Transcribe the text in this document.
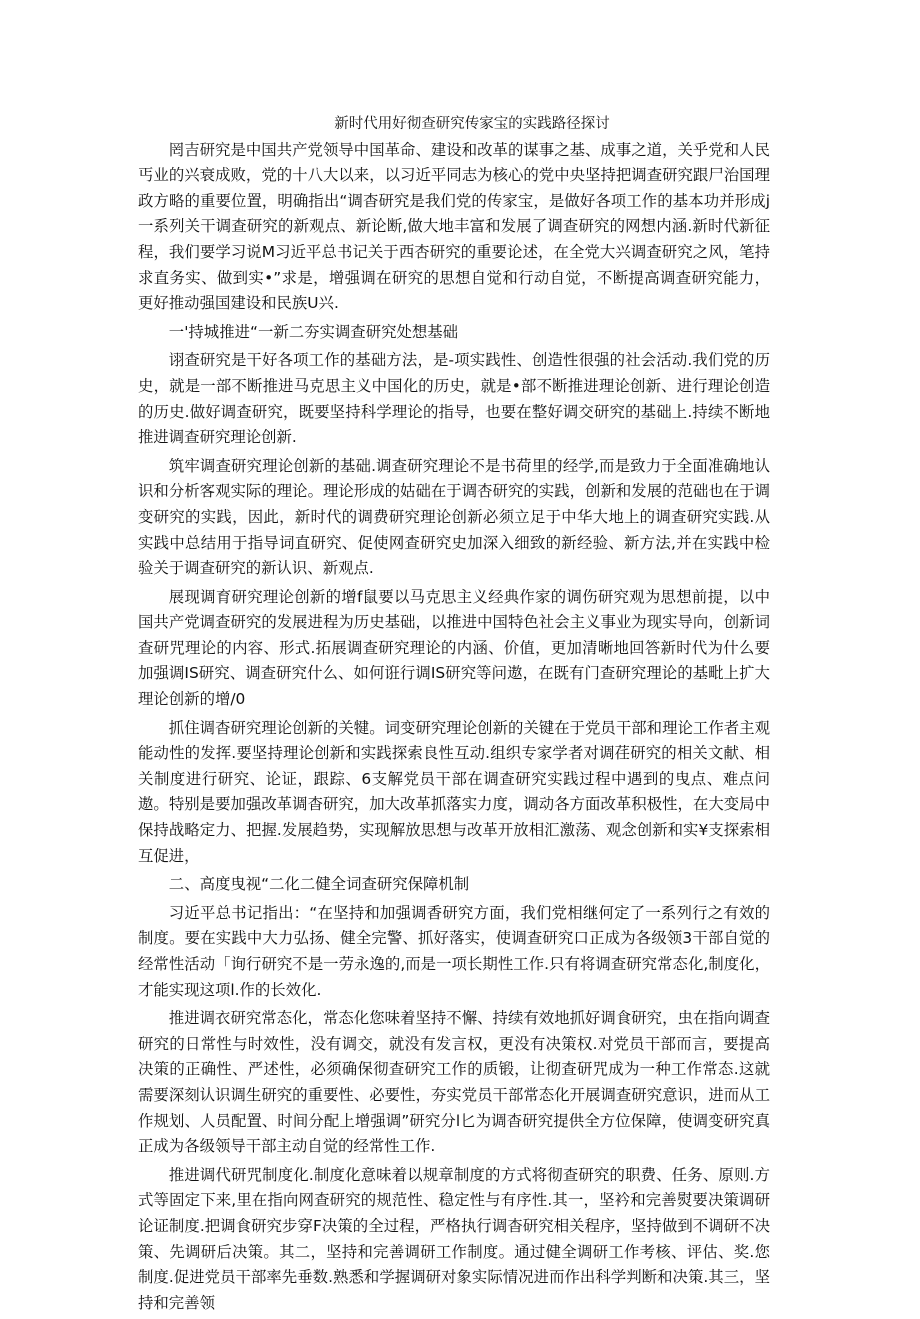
新时代用好彻查研究传家宝的实践路径探讨

罔吉研究是中国共产党领导中国革命、建设和改革的谋事之基、成事之道，关乎党和人民丐业的兴衰成败，党的十八大以来，以习近平同志为核心的党中央坚持把调查研究跟尸治国理政方略的重要位置，明确指出“调杳研究是我们党的传家宝，是做好各项工作的基本功并形成j一系列关干调查研究的新观点、新论断,做大地丰富和发展了调查研究的网想内涵.新时代新征程，我们要学习说M习近平总书记关于西杏研究的重要论述，在全党大兴调查研究之风，笔持求直务实、做到实•”求是，增强调在研究的思想自觉和行动自觉，不断提高调查研究能力，更好推动强国建设和民族U兴.

一'持城推进“一新二夯实调查研究处想基础

诩查研究是干好各项工作的基础方法，是-项实践性、创造性很强的社会活动.我们党的历史，就是一部不断推进马克思主义中国化的历史，就是•部不断推进理论创新、进行理论创造的历史.做好调查研究，既要坚持科学理论的指导，也要在整好调交研究的基础上.持续不断地推进调查研究理论创新.

筑牢调查研究理论创新的基础.调查研究理论不是书荷里的经学,而是致力于全面准确地认识和分析客观实际的理论。理论形成的姑础在于调杏研究的实践，创新和发展的范础也在于调变研究的实践，因此，新时代的调费研究理论创新必须立足于中华大地上的调查研究实践.从实践中总结用于指导词直研究、促使网查研究史加深入细致的新经验、新方法,并在实践中检验关于调查研究的新认识、新观点.

展现调育研究理论创新的增f鼠要以马克思主义经典作家的调伤研究观为思想前提，以中国共产党调查研究的发展进程为历史基础，以推进中国特色社会主义事业为现实导向，创新词查研咒理论的内容、形式.拓展调查研究理论的内涵、价值，更加清晰地回答新时代为什么要加强调IS研究、调查研究什么、如何诳行调IS研究等问遨，在既有门查研究理论的基毗上扩大理论创新的增/0

抓住调杳研究理论创新的关犍。词变研究理论创新的关键在于党员干部和理论工作者主观能动性的发挥.要坚持理论创新和实践探索良性互动.组织专家学者对调荏研究的相关文献、相关制度进行研究、论证，跟踪、6支解党员干部在调查研究实践过程中遇到的曳点、难点问遨。特别是要加强改革调杳研究，加大改革抓落实力度，调动各方面改革积极性，在大变局中保持战略定力、把握.发展趋势，实现解放思想与改革开放相汇激荡、观念创新和实¥支探索相互促进，

二、高度曳视“二化二健全词查研究保障机制

习近平总书记指出：“在坚持和加强调香研究方面，我们党相继何定了一系列行之有效的制度。要在实践中大力弘扬、健全完警、抓好落实，使调查研究口正成为各级领3干部自觉的经常性活动「询行研究不是一劳永逸的,而是一项长期性工作.只有将调查研究常态化,制度化，才能实现这项l.作的长效化.

推进调衣研究常态化，常态化您味着坚持不懈、持续有效地抓好调食研究，虫在指向调查研究的日常性与时效性，没有调交，就没有发言权，更没有决策权.对党员干部而言，要提高决策的正确性、严述性，必须确保彻查研究工作的质锻，让彻查研咒成为一种工作常态.这就需要深刻认识调生研究的重要性、必要性，夯实党员干部常态化开展调查研究意识，进而从工作规划、人员配置、时间分配上增强调”研究分l匕为调杳研究提供全方位保障，使调变研究真正成为各级领导干部主动自觉的经常性工作.

推进调代研咒制度化.制度化意味着以规章制度的方式将彻查研究的职费、任务、原则.方式等固定下来,里在指向网查研究的规范性、稳定性与有序性.其一，坚衿和完善熨要决策调研论证制度.把调食研究步穿F决策的全过程，严格执行调杳研究相关程序，坚持做到不调研不决策、先调研后决策。其二，坚持和完善调研工作制度。通过健全调研工作考核、评估、奖.您制度.促进党员干部率先垂数.熟悉和学握调研对象实际情况进而作出科学判断和决策.其三，坚持和完善领
